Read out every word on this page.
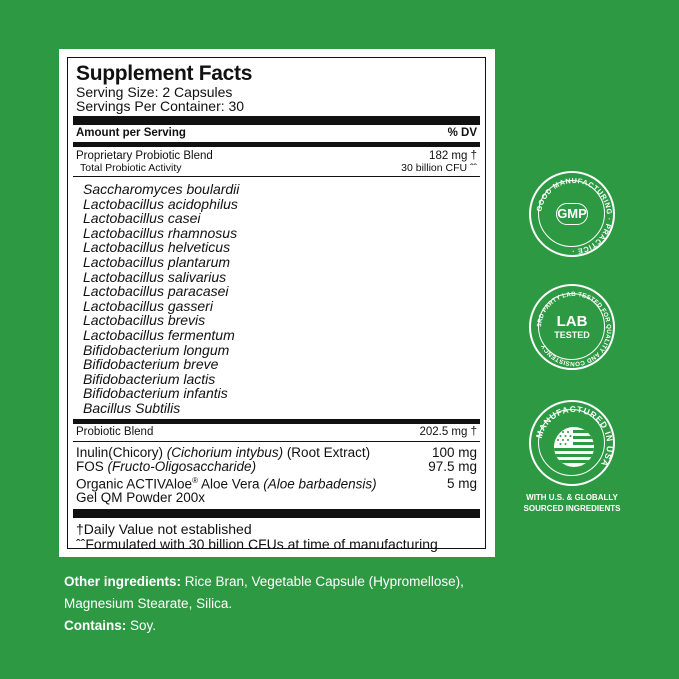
Supplement Facts
Serving Size: 2 Capsules
Servings Per Container: 30
Amount per Serving	% DV
Proprietary Probiotic Blend	182 mg †
Total Probiotic Activity	30 billion CFU ˆˆ
Saccharomyces boulardii
Lactobacillus acidophilus
Lactobacillus casei
Lactobacillus rhamnosus
Lactobacillus helveticus
Lactobacillus plantarum
Lactobacillus salivarius
Lactobacillus paracasei
Lactobacillus gasseri
Lactobacillus brevis
Lactobacillus fermentum
Bifidobacterium longum
Bifidobacterium breve
Bifidobacterium lactis
Bifidobacterium infantis
Bacillus Subtilis
Probiotic Blend	202.5 mg †
Inulin(Chicory) (Cichorium intybus) (Root Extract)	100 mg
FOS (Fructo-Oligosaccharide)	97.5 mg
Organic ACTIVAloe® Aloe Vera (Aloe barbadensis)	5 mg
Gel QM Powder 200x
†Daily Value not established
ˆˆFormulated with 30 billion CFUs at time of manufacturing
Other ingredients: Rice Bran, Vegetable Capsule (Hypromellose),
Magnesium Stearate, Silica.
Contains: Soy.
GOOD MANUFACTURING · PRACTICE ·
GMP
3RD PARTY LAB TESTED FOR QUALITY AND CONSISTENCY
LAB
TESTED
MANUFACTURED IN USA
WITH U.S. & GLOBALLY
SOURCED INGREDIENTS
